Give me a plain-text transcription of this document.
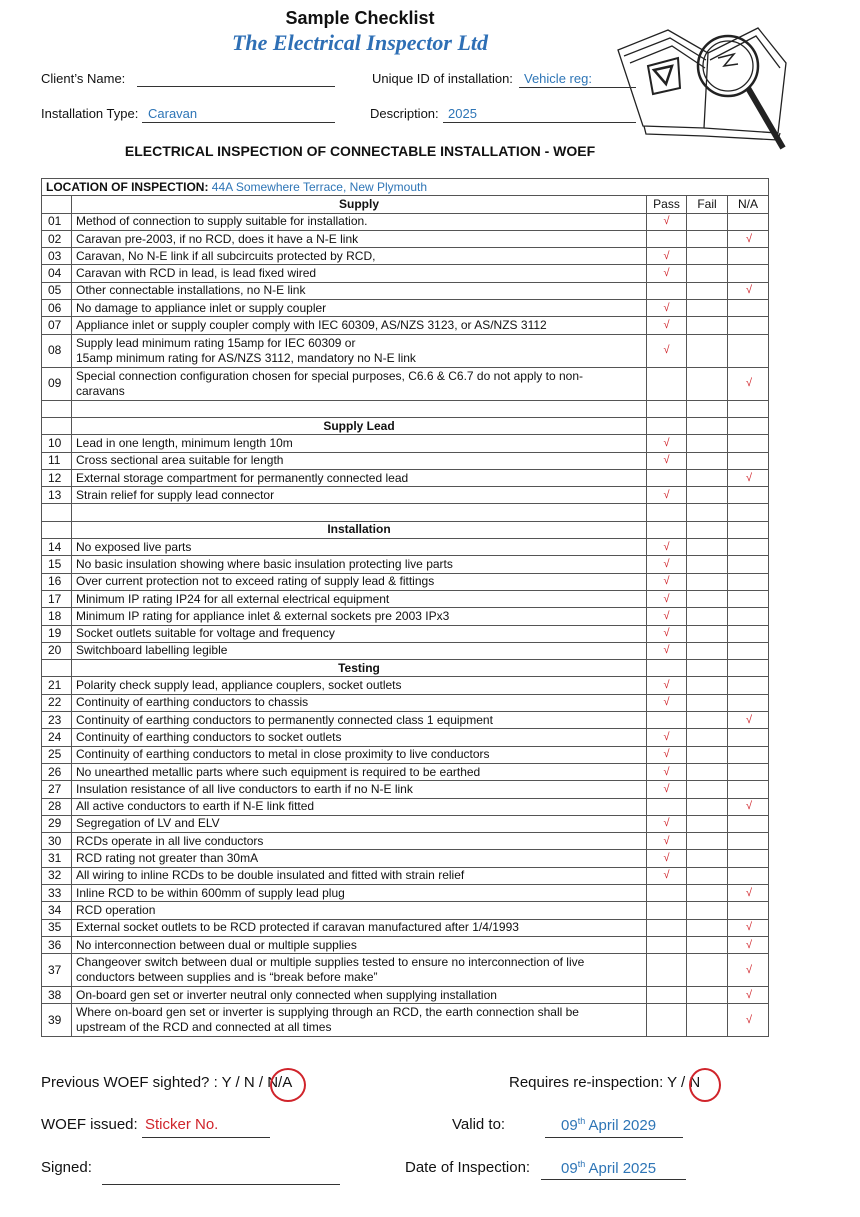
Sample Checklist
The Electrical Inspector Ltd
Client’s Name:	Unique ID of installation: Vehicle reg:
Installation Type: Caravan	Description: 2025
ELECTRICAL INSPECTION OF CONNECTABLE INSTALLATION - WOEF
LOCATION OF INSPECTION: 44A Somewhere Terrace, New Plymouth				
	Supply	Pass	Fail	N/A
01	Method of connection to supply suitable for installation.	√		
02	Caravan pre-2003, if no RCD, does it have a N-E link			√
03	Caravan, No N-E link if all subcircuits protected by RCD,	√		
04	Caravan with RCD in lead, is lead fixed wired	√		
05	Other connectable installations, no N-E link			√
06	No damage to appliance inlet or supply coupler	√		
07	Appliance inlet or supply coupler comply with IEC 60309, AS/NZS 3123, or AS/NZS 3112	√		
08	Supply lead minimum rating 15amp for IEC 60309 or
15amp minimum rating for AS/NZS 3112, mandatory no N-E link	√		
09	Special connection configuration chosen for special purposes, C6.6 & C6.7 do not apply to non-
caravans			√

	Supply Lead			
10	Lead in one length, minimum length 10m	√		
11	Cross sectional area suitable for length	√		
12	External storage compartment for permanently connected lead			√
13	Strain relief for supply lead connector	√		

	Installation			
14	No exposed live parts	√		
15	No basic insulation showing where basic insulation protecting live parts	√		
16	Over current protection not to exceed rating of supply lead & fittings	√		
17	Minimum IP rating IP24 for all external electrical equipment	√		
18	Minimum IP rating for appliance inlet & external sockets pre 2003 IPx3	√		
19	Socket outlets suitable for voltage and frequency	√		
20	Switchboard labelling legible	√		
	Testing			
21	Polarity check supply lead, appliance couplers, socket outlets	√		
22	Continuity of earthing conductors to chassis	√		
23	Continuity of earthing conductors to permanently connected class 1 equipment			√
24	Continuity of earthing conductors to socket outlets	√		
25	Continuity of earthing conductors to metal in close proximity to live conductors	√		
26	No unearthed metallic parts where such equipment is required to be earthed	√		
27	Insulation resistance of all live conductors to earth if no N-E link	√		
28	All active conductors to earth if N-E link fitted			√
29	Segregation of LV and ELV	√		
30	RCDs operate in all live conductors	√		
31	RCD rating not greater than 30mA	√		
32	All wiring to inline RCDs to be double insulated and fitted with strain relief	√		
33	Inline RCD to be within 600mm of supply lead plug			√
34	RCD operation			
35	External socket outlets to be RCD protected if caravan manufactured after 1/4/1993			√
36	No interconnection between dual or multiple supplies			√
37	Changeover switch between dual or multiple supplies tested to ensure no interconnection of live
conductors between supplies and is “break before make”			√
38	On-board gen set or inverter neutral only connected when supplying installation			√
39	Where on-board gen set or inverter is supplying through an RCD, the earth connection shall be
upstream of the RCD and connected at all times			√
Previous WOEF sighted? : Y / N / N/A	Requires re-inspection: Y / N
WOEF issued: Sticker No.	Valid to:	09th April 2029
Signed:	Date of Inspection: 09th April 2025
